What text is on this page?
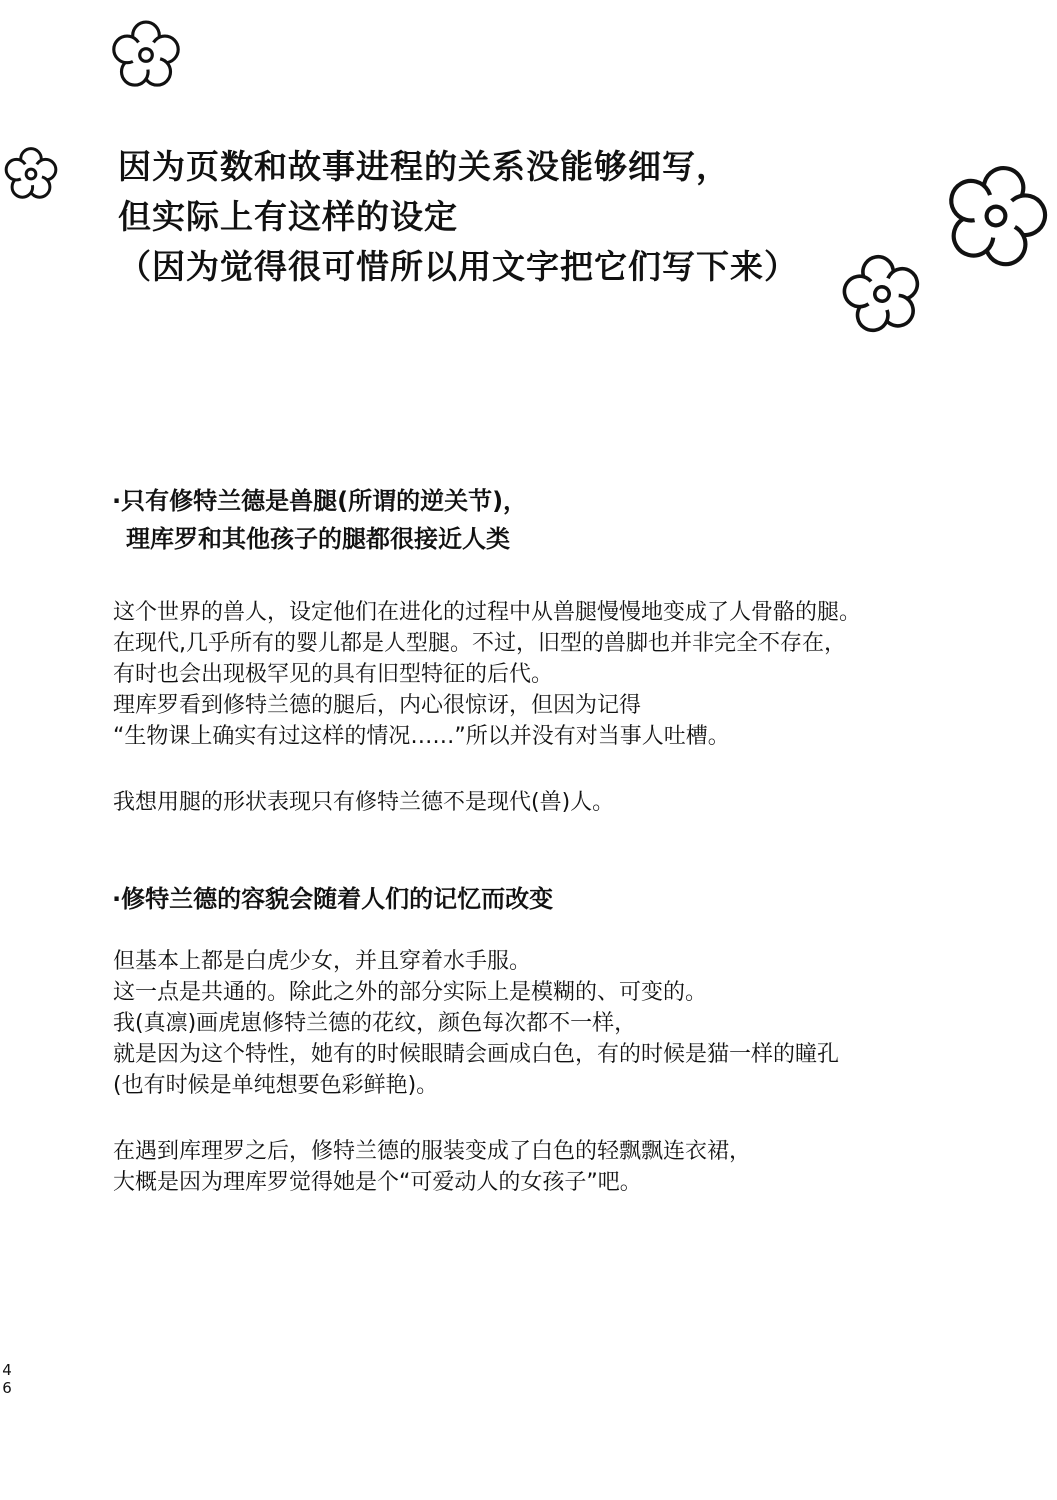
因为页数和故事进程的关系没能够细写，
但实际上有这样的设定
（因为觉得很可惜所以用文字把它们写下来）
·只有修特兰德是兽腿(所谓的逆关节)，
理库罗和其他孩子的腿都很接近人类
这个世界的兽人，设定他们在进化的过程中从兽腿慢慢地变成了人骨骼的腿。
在现代,几乎所有的婴儿都是人型腿。不过，旧型的兽脚也并非完全不存在，
有时也会出现极罕见的具有旧型特征的后代。
理库罗看到修特兰德的腿后，内心很惊讶，但因为记得
“生物课上确实有过这样的情况……”所以并没有对当事人吐槽。
我想用腿的形状表现只有修特兰德不是现代(兽)人。
·修特兰德的容貌会随着人们的记忆而改变
但基本上都是白虎少女，并且穿着水手服。
这一点是共通的。除此之外的部分实际上是模糊的、可变的。
我(真凛)画虎崽修特兰德的花纹，颜色每次都不一样，
就是因为这个特性，她有的时候眼睛会画成白色，有的时候是猫一样的瞳孔
(也有时候是单纯想要色彩鲜艳)。
在遇到库理罗之后，修特兰德的服装变成了白色的轻飘飘连衣裙，
大概是因为理库罗觉得她是个“可爱动人的女孩子”吧。
4
6
